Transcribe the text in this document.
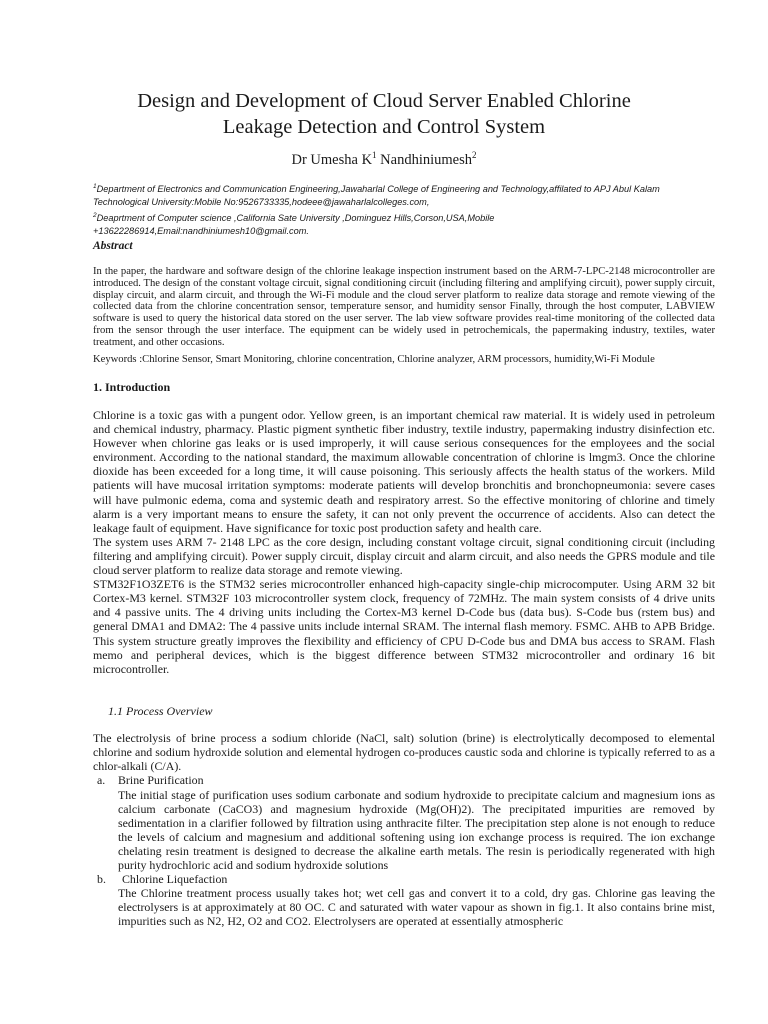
Design and Development of Cloud Server Enabled Chlorine
Leakage Detection and Control System
Dr Umesha $K^1$ Nandhiniumesh$^2$
$^1$Department of Electronics and Communication Engineering,Jawaharlal College of Engineering and Technology,affilated to APJ Abul Kalam Technological University:Mobile No:9526733335,hodeee@jawaharlalcolleges.com,
$^2$Deaprtment of Computer science ,California Sate University ,Dominguez Hills,Corson,USA,Mobile +13622286914,Email:nandhiniumesh10@gmail.com.
Abstract
In the paper, the hardware and software design of the chlorine leakage inspection instrument based on the ARM-7-LPC-2148 microcontroller are introduced. The design of the constant voltage circuit, signal conditioning circuit (including filtering and amplifying circuit), power supply circuit, display circuit, and alarm circuit, and through the Wi-Fi module and the cloud server platform to realize data storage and remote viewing of the collected data from the chlorine concentration sensor, temperature sensor, and humidity sensor Finally, through the host computer, LABVIEW software is used to query the historical data stored on the user server. The lab view software provides real-time monitoring of the collected data from the sensor through the user interface. The equipment can be widely used in petrochemicals, the papermaking industry, textiles, water treatment, and other occasions.
Keywords :Chlorine Sensor, Smart Monitoring, chlorine concentration, Chlorine analyzer, ARM processors, humidity,Wi-Fi Module
1. Introduction

Chlorine is a toxic gas with a pungent odor. Yellow green, is an important chemical raw material. It is widely used in petroleum and chemical industry, pharmacy. Plastic pigment synthetic fiber industry, textile industry, papermaking industry disinfection etc. However when chlorine gas leaks or is used improperly, it will cause serious consequences for the employees and the social environment. According to the national standard, the maximum allowable concentration of chlorine is lmgm3. Once the chlorine dioxide has been exceeded for a long time, it will cause poisoning. This seriously affects the health status of the workers. Mild patients will have mucosal irritation symptoms: moderate patients will develop bronchitis and bronchopneumonia: severe cases will have pulmonic edema, coma and systemic death and respiratory arrest. So the effective monitoring of chlorine and timely alarm is a very important means to ensure the safety, it can not only prevent the occurrence of accidents. Also can detect the leakage fault of equipment. Have significance for toxic post production safety and health care.

The system uses ARM 7- 2148 LPC as the core design, including constant voltage circuit, signal conditioning circuit (including filtering and amplifying circuit). Power supply circuit, display circuit and alarm circuit, and also needs the GPRS module and tile cloud server platform to realize data storage and remote viewing.

STM32F1O3ZET6 is the STM32 series microcontroller enhanced high-capacity single-chip microcomputer. Using ARM 32 bit Cortex-M3 kernel. STM32F 103 microcontroller system clock, frequency of 72MHz. The main system consists of 4 drive units and 4 passive units. The 4 driving units including the Cortex-M3 kernel D-Code bus (data bus). S-Code bus (rstem bus) and general DMA1 and DMA2: The 4 passive units include internal SRAM. The internal flash memory. FSMC. AHB to APB Bridge. This system structure greatly improves the flexibility and efficiency of CPU D-Code bus and DMA bus access to SRAM. Flash memo and peripheral devices, which is the biggest difference between STM32 microcontroller and ordinary 16 bit microcontroller.

1.1 Process Overview
The electrolysis of brine process a sodium chloride (NaCl, salt) solution (brine) is electrolytically decomposed to elemental chlorine and sodium hydroxide solution and elemental hydrogen co-produces caustic soda and chlorine is typically referred to as a chlor-alkali (C/A).
a. Brine Purification
The initial stage of purification uses sodium carbonate and sodium hydroxide to precipitate calcium and magnesium ions as calcium carbonate (CaCO3) and magnesium hydroxide (Mg(OH)2). The precipitated impurities are removed by sedimentation in a clarifier followed by filtration using anthracite filter. The precipitation step alone is not enough to reduce the levels of calcium and magnesium and additional softening using ion exchange process is required. The ion exchange chelating resin treatment is designed to decrease the alkaline earth metals. The resin is periodically regenerated with high purity hydrochloric acid and sodium hydroxide solutions
b. Chlorine Liquefaction
The Chlorine treatment process usually takes hot; wet cell gas and convert it to a cold, dry gas. Chlorine gas leaving the electrolysers is at approximately at 80 OC. C and saturated with water vapour as shown in fig.1. It also contains brine mist, impurities such as N2, H2, O2 and CO2. Electrolysers are operated at essentially atmospheric
